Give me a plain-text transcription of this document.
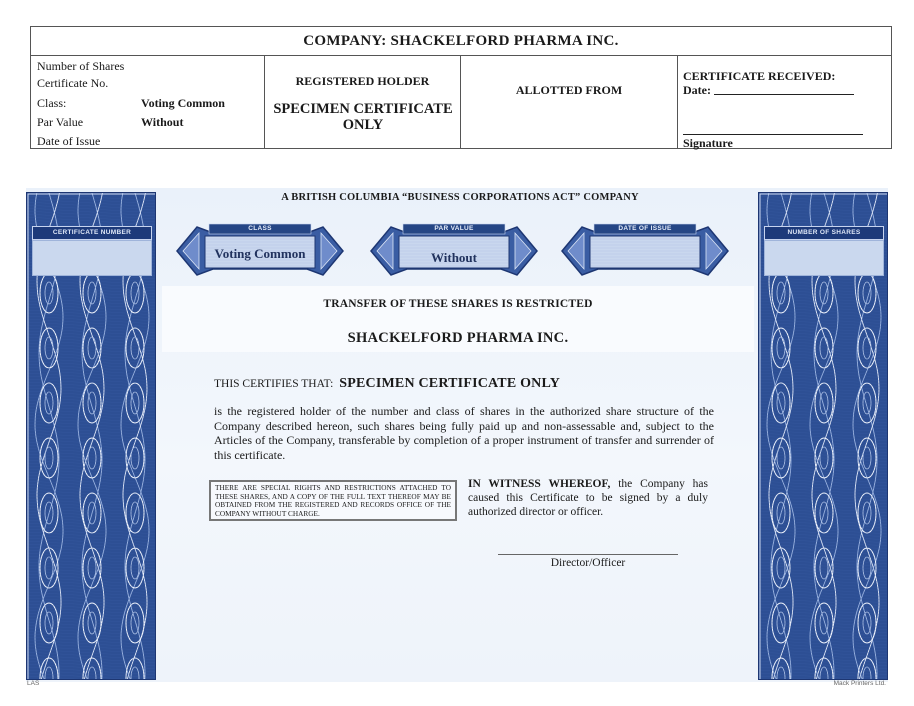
COMPANY: SHACKELFORD PHARMA INC.
Number of Shares
Certificate No.
Class:	Voting Common
Par Value	Without
Date of Issue
REGISTERED HOLDER
SPECIMEN CERTIFICATE ONLY
ALLOTTED FROM
CERTIFICATE RECEIVED:
Date:
Signature
CERTIFICATE NUMBER	NUMBER OF SHARES
A BRITISH COLUMBIA “BUSINESS CORPORATIONS ACT” COMPANY
CLASS
Voting Common
PAR VALUE
Without
DATE OF ISSUE
TRANSFER OF THESE SHARES IS RESTRICTED
SHACKELFORD PHARMA INC.
THIS CERTIFIES THAT: SPECIMEN CERTIFICATE ONLY
is the registered holder of the number and class of shares in the authorized share structure of the Company described hereon, such shares being fully paid up and non-assessable and, subject to the Articles of the Company, transferable by completion of a proper instrument of transfer and surrender of this certificate.
THERE ARE SPECIAL RIGHTS AND RESTRICTIONS ATTACHED TO THESE SHARES, AND A COPY OF THE FULL TEXT THEREOF MAY BE OBTAINED FROM THE REGISTERED AND RECORDS OFFICE OF THE COMPANY WITHOUT CHARGE.
IN WITNESS WHEREOF, the Company has caused this Certificate to be signed by a duly authorized director or officer.
Director/Officer
LAS	Mack Printers Ltd.
